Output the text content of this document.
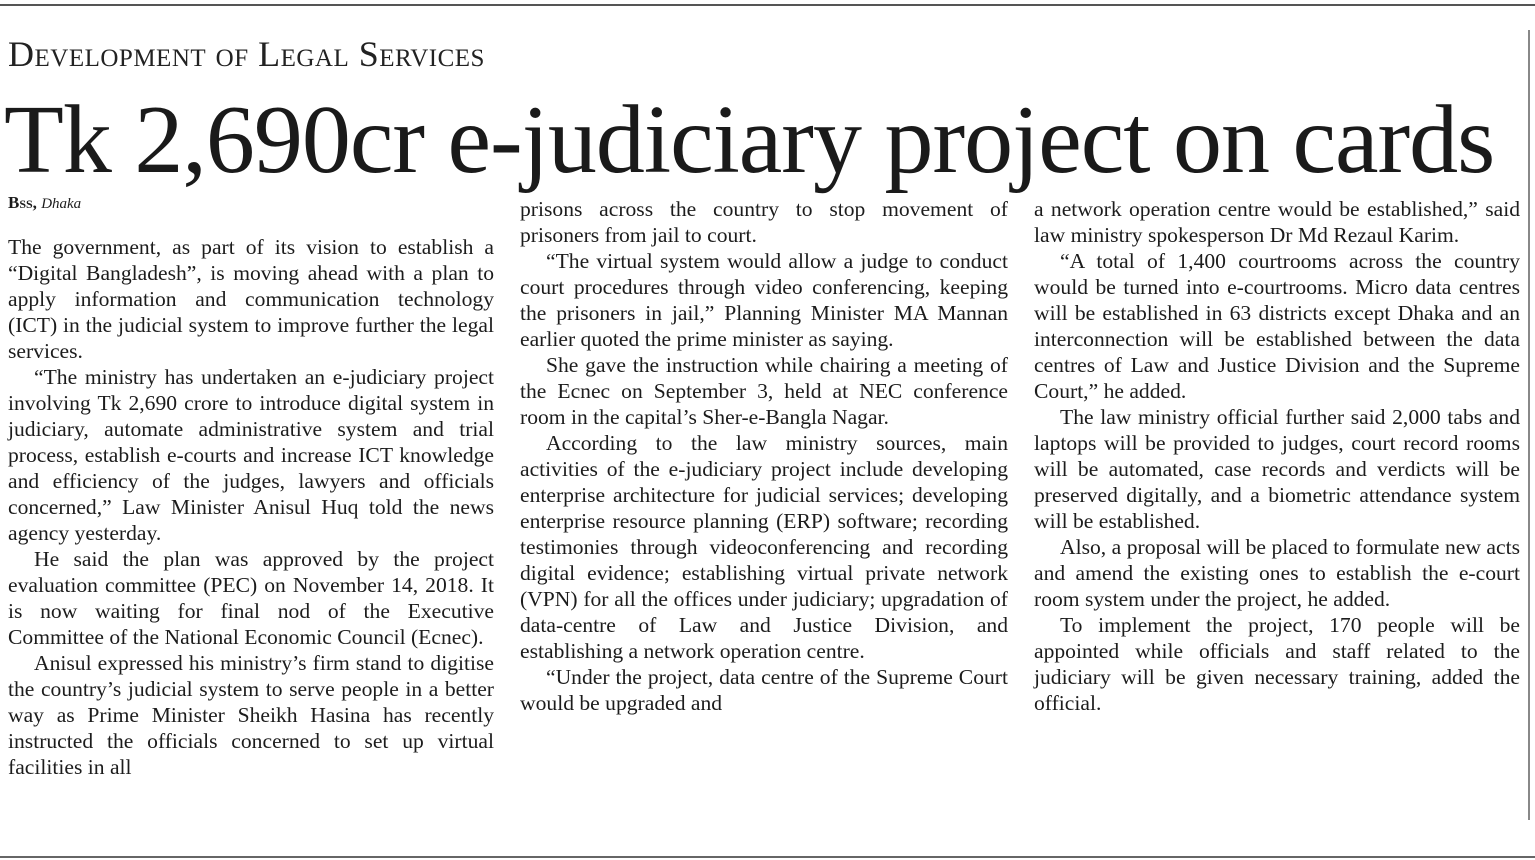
Development of Legal Services
Tk 2,690cr e-judiciary project on cards
Bss, Dhaka

The government, as part of its vision to establish a “Digital Bangladesh”, is moving ahead with a plan to apply information and communication technology (ICT) in the judicial system to improve further the legal services.

“The ministry has undertaken an e-judiciary project involving Tk 2,690 crore to introduce digital system in judiciary, automate administrative system and trial process, establish e-courts and increase ICT knowledge and efficiency of the judges, lawyers and officials concerned,” Law Minister Anisul Huq told the news agency yesterday.

He said the plan was approved by the project evaluation committee (PEC) on November 14, 2018. It is now waiting for final nod of the Executive Committee of the National Economic Council (Ecnec).

Anisul expressed his ministry’s firm stand to digitise the country’s judicial system to serve people in a better way as Prime Minister Sheikh Hasina has recently instructed the officials concerned to set up virtual facilities in all

prisons across the country to stop movement of prisoners from jail to court.

“The virtual system would allow a judge to conduct court procedures through video conferencing, keeping the prisoners in jail,” Planning Minister MA Mannan earlier quoted the prime minister as saying.

She gave the instruction while chairing a meeting of the Ecnec on September 3, held at NEC conference room in the capital’s Sher-e-Bangla Nagar.

According to the law ministry sources, main activities of the e-judiciary project include developing enterprise architecture for judicial services; developing enterprise resource planning (ERP) software; recording testimonies through videoconferencing and recording digital evidence; establishing virtual private network (VPN) for all the offices under judiciary; upgradation of data-centre of Law and Justice Division, and establishing a network operation centre.

“Under the project, data centre of the Supreme Court would be upgraded and

a network operation centre would be established,” said law ministry spokesperson Dr Md Rezaul Karim.

“A total of 1,400 courtrooms across the country would be turned into e-courtrooms. Micro data centres will be established in 63 districts except Dhaka and an interconnection will be established between the data centres of Law and Justice Division and the Supreme Court,” he added.

The law ministry official further said 2,000 tabs and laptops will be provided to judges, court record rooms will be automated, case records and verdicts will be preserved digitally, and a biometric attendance system will be established.

Also, a proposal will be placed to formulate new acts and amend the existing ones to establish the e-court room system under the project, he added.

To implement the project, 170 people will be appointed while officials and staff related to the judiciary will be given necessary training, added the official.
